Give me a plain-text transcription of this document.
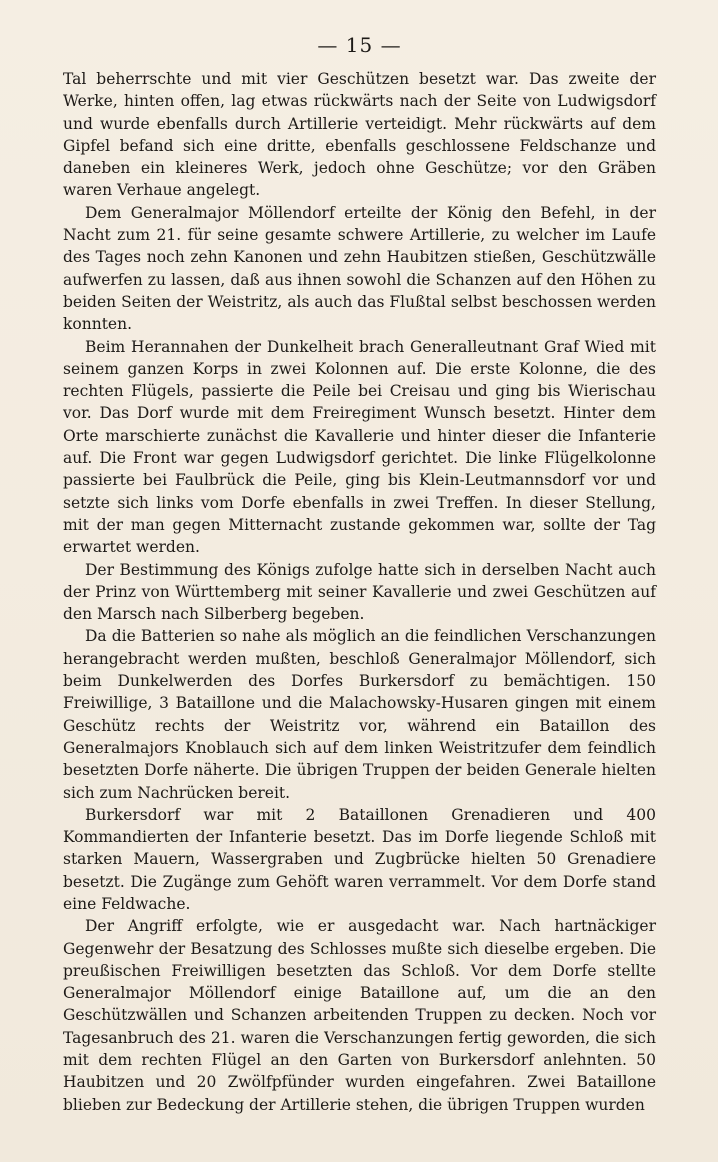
— 15 —

Tal beherrschte und mit vier Geschützen besetzt war. Das zweite der Werke, hinten offen, lag etwas rückwärts nach der Seite von Ludwigsdorf und wurde ebenfalls durch Artillerie verteidigt. Mehr rückwärts auf dem Gipfel befand sich eine dritte, ebenfalls geschlossene Feldschanze und daneben ein kleineres Werk, jedoch ohne Geschütze; vor den Gräben waren Verhaue angelegt.

Dem Generalmajor Möllendorf erteilte der König den Befehl, in der Nacht zum 21. für seine gesamte schwere Artillerie, zu welcher im Laufe des Tages noch zehn Kanonen und zehn Haubitzen stießen, Geschützwälle aufwerfen zu lassen, daß aus ihnen sowohl die Schanzen auf den Höhen zu beiden Seiten der Weistritz, als auch das Flußtal selbst beschossen werden konnten.

Beim Herannahen der Dunkelheit brach Generalleutnant Graf Wied mit seinem ganzen Korps in zwei Kolonnen auf. Die erste Kolonne, die des rechten Flügels, passierte die Peile bei Creisau und ging bis Wierischau vor. Das Dorf wurde mit dem Freiregiment Wunsch besetzt. Hinter dem Orte marschierte zunächst die Kavallerie und hinter dieser die Infanterie auf. Die Front war gegen Ludwigsdorf gerichtet. Die linke Flügelkolonne passierte bei Faulbrück die Peile, ging bis Klein-Leutmannsdorf vor und setzte sich links vom Dorfe ebenfalls in zwei Treffen. In dieser Stellung, mit der man gegen Mitternacht zustande gekommen war, sollte der Tag erwartet werden.

Der Bestimmung des Königs zufolge hatte sich in derselben Nacht auch der Prinz von Württemberg mit seiner Kavallerie und zwei Geschützen auf den Marsch nach Silberberg begeben.

Da die Batterien so nahe als möglich an die feindlichen Verschanzungen herangebracht werden mußten, beschloß Generalmajor Möllendorf, sich beim Dunkelwerden des Dorfes Burkersdorf zu bemächtigen. 150 Freiwillige, 3 Bataillone und die Malachowsky-Husaren gingen mit einem Geschütz rechts der Weistritz vor, während ein Bataillon des Generalmajors Knoblauch sich auf dem linken Weistritzufer dem feindlich besetzten Dorfe näherte. Die übrigen Truppen der beiden Generale hielten sich zum Nachrücken bereit.

Burkersdorf war mit 2 Bataillonen Grenadieren und 400 Kommandierten der Infanterie besetzt. Das im Dorfe liegende Schloß mit starken Mauern, Wassergraben und Zugbrücke hielten 50 Grenadiere besetzt. Die Zugänge zum Gehöft waren verrammelt. Vor dem Dorfe stand eine Feldwache.

Der Angriff erfolgte, wie er ausgedacht war. Nach hartnäckiger Gegenwehr der Besatzung des Schlosses mußte sich dieselbe ergeben. Die preußischen Freiwilligen besetzten das Schloß. Vor dem Dorfe stellte Generalmajor Möllendorf einige Bataillone auf, um die an den Geschützwällen und Schanzen arbeitenden Truppen zu decken. Noch vor Tagesanbruch des 21. waren die Verschanzungen fertig geworden, die sich mit dem rechten Flügel an den Garten von Burkersdorf anlehnten. 50 Haubitzen und 20 Zwölfpfünder wurden eingefahren. Zwei Bataillone blieben zur Bedeckung der Artillerie stehen, die übrigen Truppen wurden
